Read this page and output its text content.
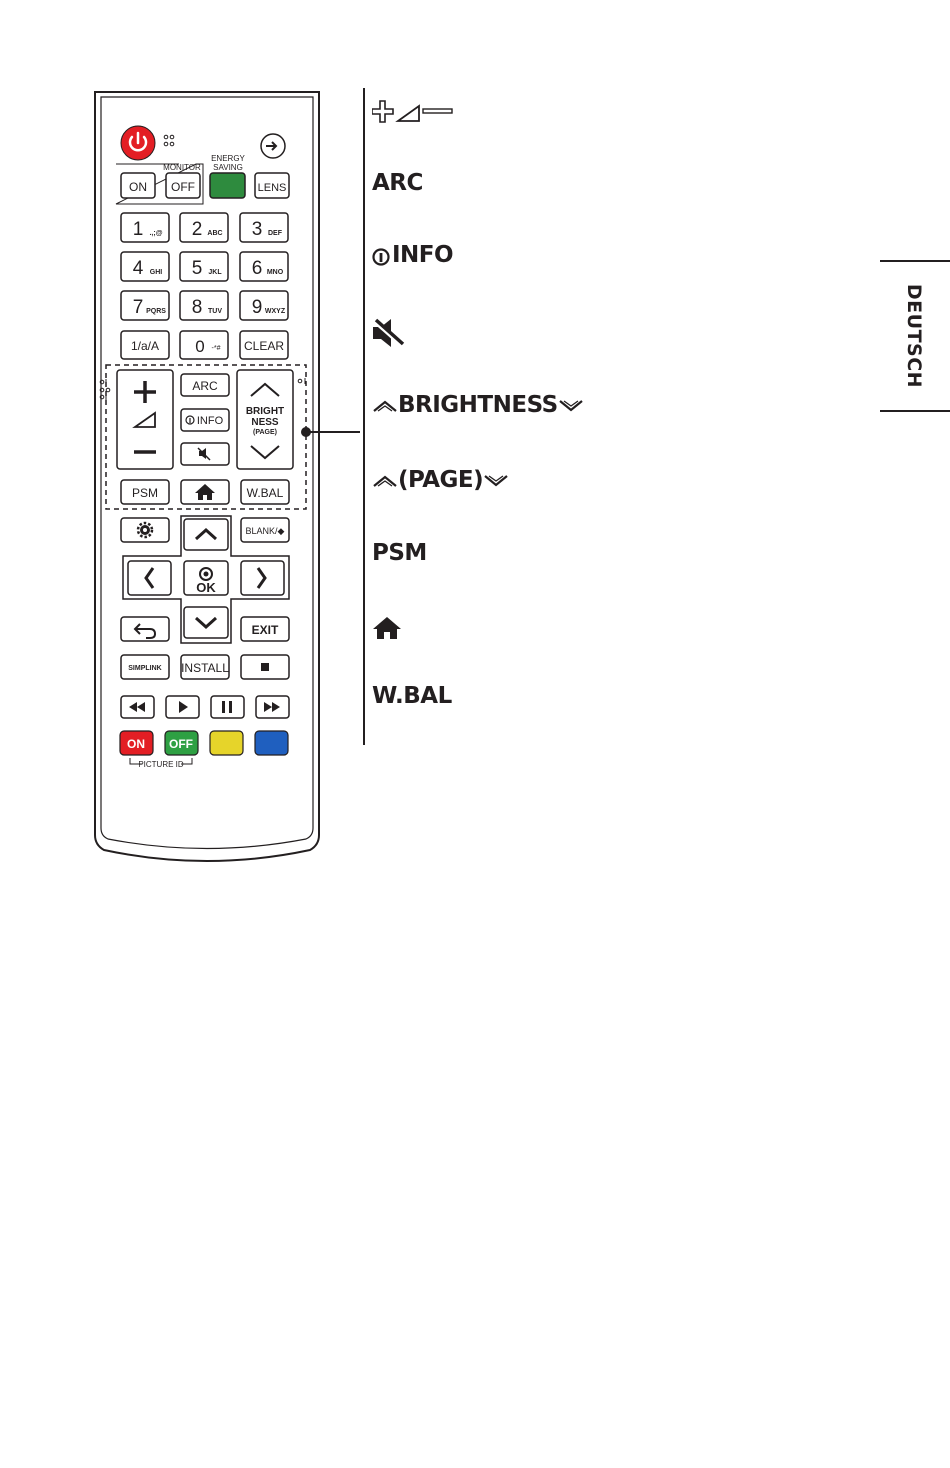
MONITOR
ENERGY
SAVING
ON OFF	LENS
1 .,;@ 2 ABC 3 DEF
4 GHI 5 JKL 6 MNO
7 PQRS 8 TUV 9 WXYZ
1/a/A 0 -*# CLEAR
ARC
INFO
BRIGHT
NESS
(PAGE)
PSM	W.BAL
BLANK/◆
OK
EXIT
SIMPLINK INSTALL
ON OFF
PICTURE ID
ARC
INFO
BRIGHTNESS
(PAGE)
PSM
W.BAL
DEUTSCH
